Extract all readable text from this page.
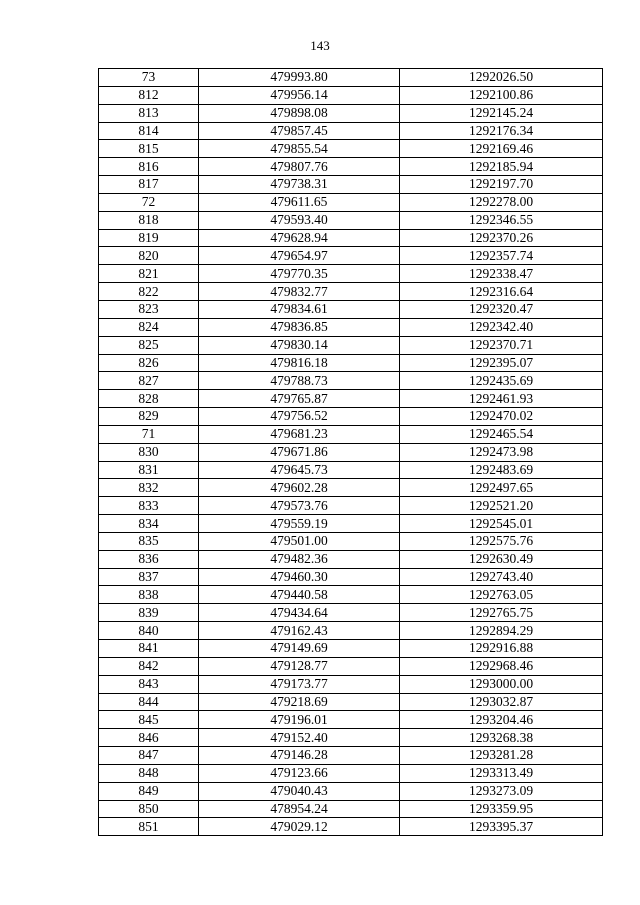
143
73	479993.80	1292026.50
812	479956.14	1292100.86
813	479898.08	1292145.24
814	479857.45	1292176.34
815	479855.54	1292169.46
816	479807.76	1292185.94
817	479738.31	1292197.70
72	479611.65	1292278.00
818	479593.40	1292346.55
819	479628.94	1292370.26
820	479654.97	1292357.74
821	479770.35	1292338.47
822	479832.77	1292316.64
823	479834.61	1292320.47
824	479836.85	1292342.40
825	479830.14	1292370.71
826	479816.18	1292395.07
827	479788.73	1292435.69
828	479765.87	1292461.93
829	479756.52	1292470.02
71	479681.23	1292465.54
830	479671.86	1292473.98
831	479645.73	1292483.69
832	479602.28	1292497.65
833	479573.76	1292521.20
834	479559.19	1292545.01
835	479501.00	1292575.76
836	479482.36	1292630.49
837	479460.30	1292743.40
838	479440.58	1292763.05
839	479434.64	1292765.75
840	479162.43	1292894.29
841	479149.69	1292916.88
842	479128.77	1292968.46
843	479173.77	1293000.00
844	479218.69	1293032.87
845	479196.01	1293204.46
846	479152.40	1293268.38
847	479146.28	1293281.28
848	479123.66	1293313.49
849	479040.43	1293273.09
850	478954.24	1293359.95
851	479029.12	1293395.37
